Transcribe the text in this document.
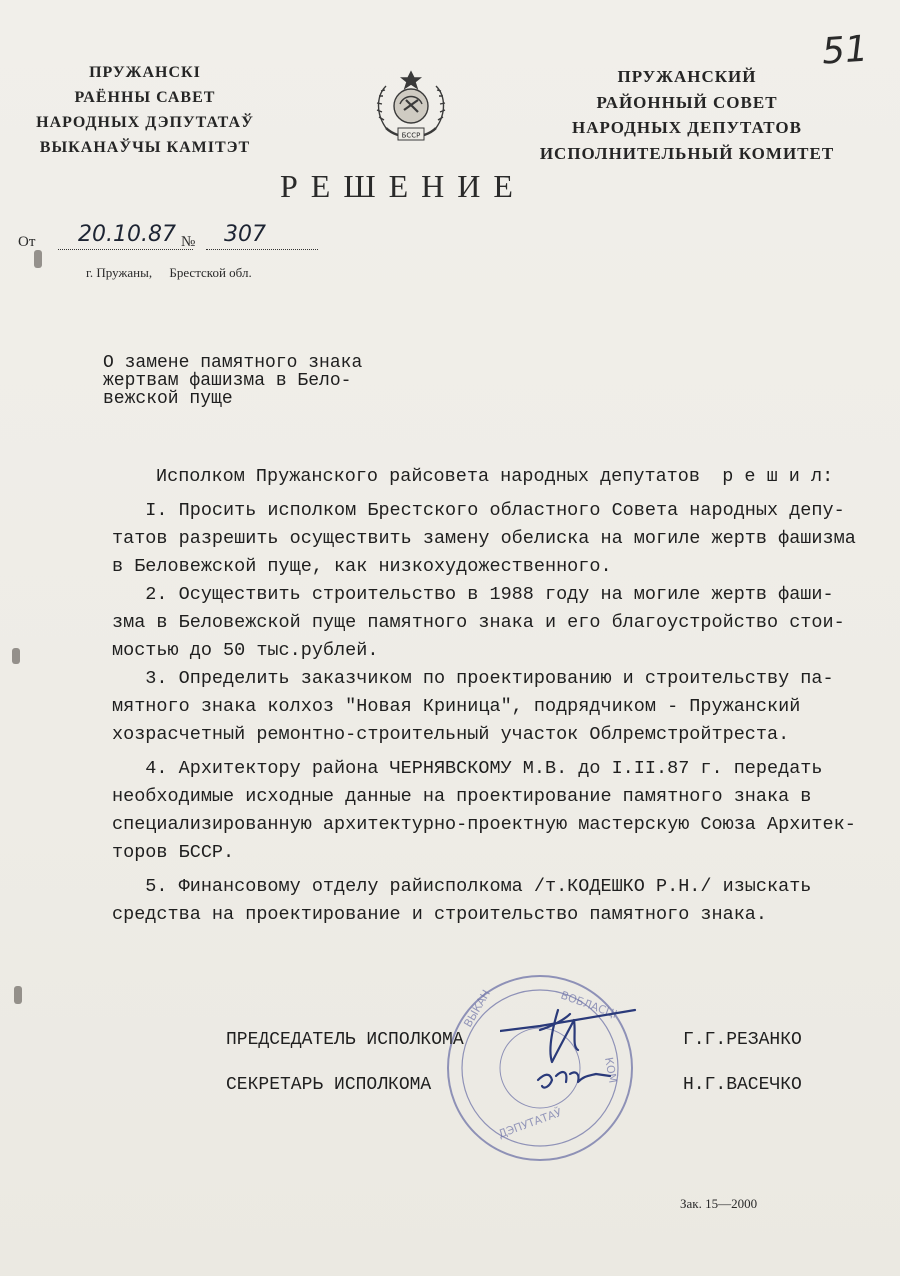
51
ПРУЖАНСКІ
РАЁННЫ САВЕТ
НАРОДНЫХ ДЭПУТАТАЎ
ВЫКАНАЎЧЫ КАМІТЭТ
БССР
ПРУЖАНСКИЙ
РАЙОННЫЙ СОВЕТ
НАРОДНЫХ ДЕПУТАТОВ
ИСПОЛНИТЕЛЬНЫЙ КОМИТЕТ
РЕШЕНИЕ
От	20.10.87 №	307
г. Пружаны, Брестской обл.
О замене памятного знака
жертвам фашизма в Бело-
вежской пуще
Исполком Пружанского райсовета народных депутатов  р е ш и л:
I. Просить исполком Брестского областного Совета народных депу-
татов разрешить осуществить замену обелиска на могиле жертв фашизма
в Беловежской пуще, как низкохудожественного.
2. Осуществить строительство в 1988 году на могиле жертв фаши-
зма в Беловежской пуще памятного знака и его благоустройство стои-
мостью до 50 тыс.рублей.
3. Определить заказчиком по проектированию и строительству па-
мятного знака колхоз "Новая Криница", подрядчиком - Пружанский
хозрасчетный ремонтно-строительный участок Облремстройтреста.
4. Архитектору района ЧЕРНЯВСКОМУ М.В. до I.II.87 г. передать
необходимые исходные данные на проектирование памятного знака в
специализированную архитектурно-проектную мастерскую Союза Архитек-
торов БССР.
5. Финансовому отделу райисполкома /т.КОДЕШКО Р.Н./ изыскать
средства на проектирование и строительство памятного знака.
ВЫКАН	ВОБЛАСЦI
КОМ
ДЭПУТАТАЎ
ПРЕДСЕДАТЕЛЬ ИСПОЛКОМА	Г.Г.РЕЗАНКО
СЕКРЕТАРЬ ИСПОЛКОМА	Н.Г.ВАСЕЧКО
Зак. 15—2000
